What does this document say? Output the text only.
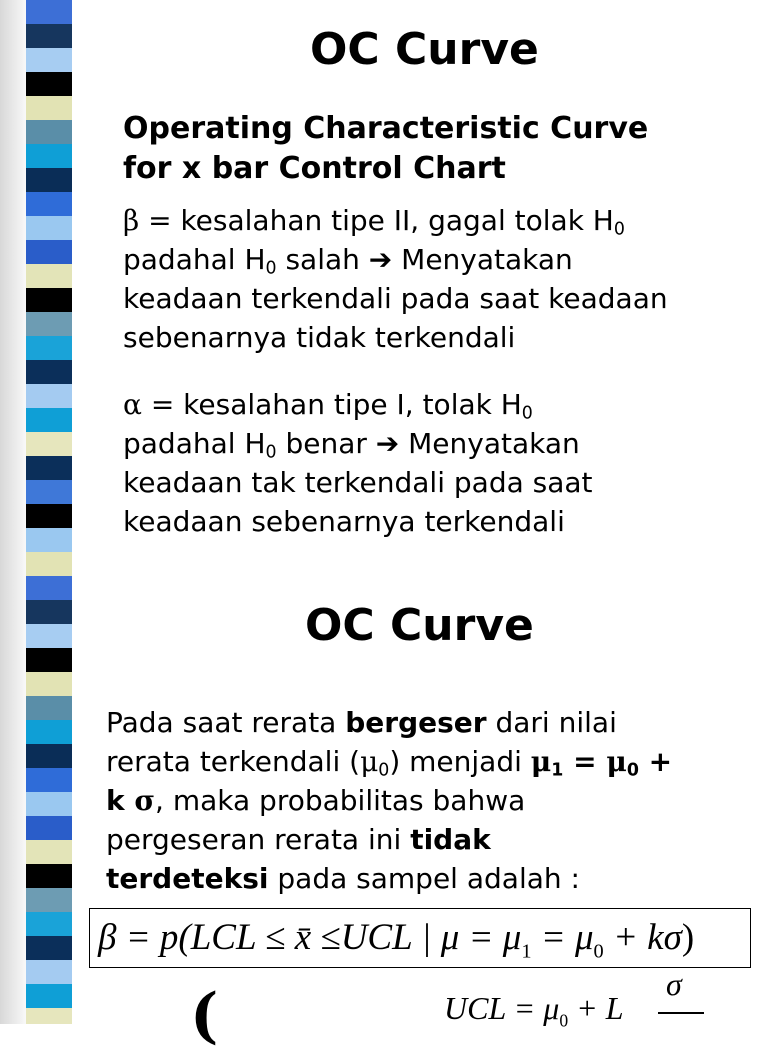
OC Curve
Operating Characteristic Curve
for x bar Control Chart
β = kesalahan tipe II, gagal tolak $H_0$
padahal $H_0$ salah ➔ Menyatakan
keadaan terkendali pada saat keadaan
sebenarnya tidak terkendali
α = kesalahan tipe I, tolak $H_0$
padahal $H_0$ benar ➔ Menyatakan
keadaan tak terkendali pada saat
keadaan sebenarnya terkendali
OC Curve
Pada saat rerata bergeser dari nilai
rerata terkendali $(\mu_0)$ menjadi $\mu_1 = \mu_0$ +
k σ, maka probabilitas bahwa
pergeseran rerata ini tidak
terdeteksi pada sampel adalah :
β = p(LCL ≤ x̄ ≤UCL | $\mu = \mu_1 = \mu_0 + k\sigma$)
(	UCL = $\mu_0 + L$
σ
